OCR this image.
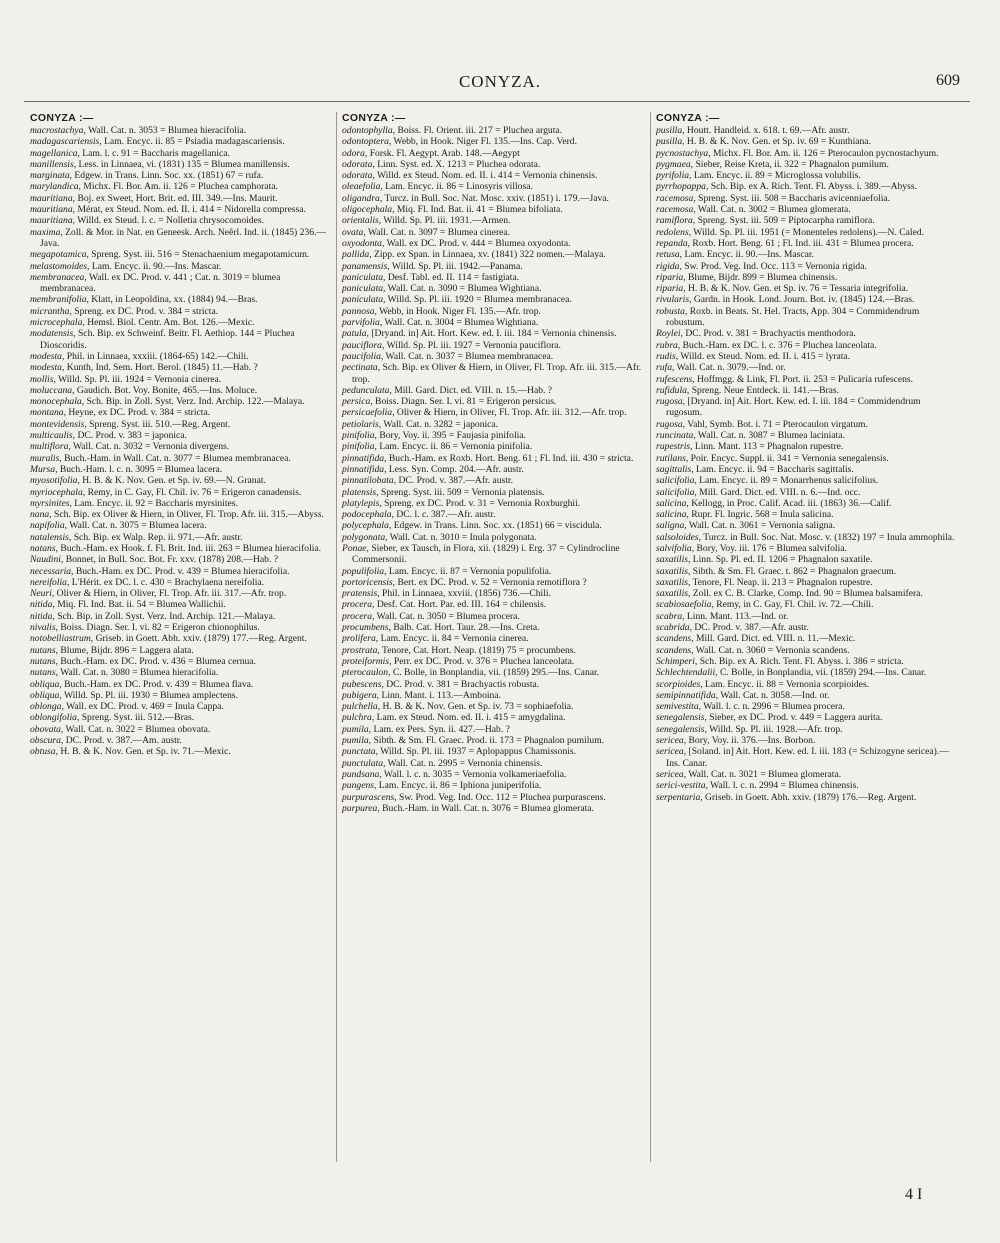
CONYZA.	609
CONYZA :—

macrostachya, Wall. Cat. n. 3053 = Blumea hieracifolia.

madagascariensis, Lam. Encyc. ii. 85 = Psiadia madagascariensis.

magellanica, Lam. l. c. 91 = Baccharis magellanica.

manillensis, Less. in Linnaea, vi. (1831) 135 = Blumea manillensis.

marginata, Edgew. in Trans. Linn. Soc. xx. (1851) 67 = rufa.

marylandica, Michx. Fl. Bor. Am. ii. 126 = Pluchea camphorata.

mauritiana, Boj. ex Sweet, Hort. Brit. ed. III. 349.—Ins. Maurit.

mauritiana, Mérat, ex Steud. Nom. ed. II. i. 414 = Nidorella compressa.

mauritiana, Willd. ex Steud. l. c. = Nolletia chrysocomoides.

maxima, Zoll. & Mor. in Nat. en Geneesk. Arch. Neêrl. Ind. ii. (1845) 236.—Java.

megapotamica, Spreng. Syst. iii. 516 = Stenachaenium megapotamicum.

melastomoides, Lam. Encyc. ii. 90.—Ins. Mascar.

membranacea, Wall. ex DC. Prod. v. 441 ; Cat. n. 3019 = blumea membranacea.

membranifolia, Klatt, in Leopoldina, xx. (1884) 94.—Bras.

micrantha, Spreng. ex DC. Prod. v. 384 = stricta.

microcephala, Hemsl. Biol. Centr. Am. Bot. 126.—Mexic.

modatensis, Sch. Bip. ex Schweinf. Beitr. Fl. Aethiop. 144 = Pluchea Dioscoridis.

modesta, Phil. in Linnaea, xxxiii. (1864-65) 142.—Chili.

modesta, Kunth, Ind. Sem. Hort. Berol. (1845) 11.—Hab. ?

mollis, Willd. Sp. Pl. iii. 1924 = Vernonia cinerea.

moluccana, Gaudich. Bot. Voy. Bonite, 465.—Ins. Moluce.

monocephala, Sch. Bip. in Zoll. Syst. Verz. Ind. Archip. 122.—Malaya.

montana, Heyne, ex DC. Prod. v. 384 = stricta.

montevidensis, Spreng. Syst. iii. 510.—Reg. Argent.

multicaulis, DC. Prod. v. 383 = japonica.

multiflora, Wall. Cat. n. 3032 = Vernonia divergens.

muralis, Buch.-Ham. in Wall. Cat. n. 3077 = Blumea membranacea.

Mursa, Buch.-Ham. l. c. n. 3095 = Blumea lacera.

myosotifolia, H. B. & K. Nov. Gen. et Sp. iv. 69.—N. Granat.

myriocephala, Remy, in C. Gay, Fl. Chil. iv. 76 = Erigeron canadensis.

myrsinites, Lam. Encyc. ii. 92 = Baccharis myrsinites.

nana, Sch. Bip. ex Oliver & Hiern, in Oliver, Fl. Trop. Afr. iii. 315.—Abyss.

napifolia, Wall. Cat. n. 3075 = Blumea lacera.

natalensis, Sch. Bip. ex Walp. Rep. ii. 971.—Afr. austr.

natans, Buch.-Ham. ex Hook. f. Fl. Brit. Ind. iii. 263 = Blumea hieracifolia.

Naudini, Bonnet, in Bull. Soc. Bot. Fr. xxv. (1878) 208.—Hab. ?

necessaria, Buch.-Ham. ex DC. Prod. v. 439 = Blumea hieracifolia.

nereifolia, L'Hérit. ex DC. l. c. 430 = Brachylaena nereifolia.

Neuri, Oliver & Hiern, in Oliver, Fl. Trop. Afr. iii. 317.—Afr. trop.

nitida, Miq. Fl. Ind. Bat. ii. 54 = Blumea Wallichii.

nitida, Sch. Bip. in Zoll. Syst. Verz. Ind. Archip. 121.—Malaya.

nivalis, Boiss. Diagn. Ser. I. vi. 82 = Erigeron chionophilus.

notobelliastrum, Griseb. in Goett. Abh. xxiv. (1879) 177.—Reg. Argent.

nutans, Blume, Bijdr. 896 = Laggera alata.

nutans, Buch.-Ham. ex DC. Prod. v. 436 = Blumea cernua.

nutans, Wall. Cat. n. 3080 = Blumea hieracifolia.

obliqua, Buch.-Ham. ex DC. Prod. v. 439 = Blumea flava.

obliqua, Willd. Sp. Pl. iii. 1930 = Blumea amplectens.

oblonga, Wall. ex DC. Prod. v. 469 = Inula Cappa.

oblongifolia, Spreng. Syst. iii. 512.—Bras.

obovata, Wall. Cat. n. 3022 = Blumea obovata.

obscura, DC. Prod. v. 387.—Am. austr.

obtusa, H. B. & K. Nov. Gen. et Sp. iv. 71.—Mexic.

CONYZA :—

odontophylla, Boiss. Fl. Orient. iii. 217 = Pluchea arguta.

odontoptera, Webb, in Hook. Niger Fl. 135.—Ins. Cap. Verd.

odora, Forsk. Fl. Aegypt. Arab. 148.—Aegypt

odorata, Linn. Syst. ed. X. 1213 = Pluchea odorata.

odorata, Willd. ex Steud. Nom. ed. II. i. 414 = Vernonia chinensis.

oleaefolia, Lam. Encyc. ii. 86 = Linosyris villosa.

oligandra, Turcz. in Bull. Soc. Nat. Mosc. xxiv. (1851) i. 179.—Java.

oligocephala, Miq. Fl. Ind. Bat. ii. 41 = Blumea bifoliata.

orientalis, Willd. Sp. Pl. iii. 1931.—Armen.

ovata, Wall. Cat. n. 3097 = Blumea cinerea.

oxyodonta, Wall. ex DC. Prod. v. 444 = Blumea oxyodonta.

pallida, Zipp. ex Span. in Linnaea, xv. (1841) 322 nomen.—Malaya.

panamensis, Willd. Sp. Pl. iii. 1942.—Panama.

paniculata, Desf. Tabl. ed. II. 114 = fastigiata.

paniculata, Wall. Cat. n. 3090 = Blumea Wightiana.

paniculata, Willd. Sp. Pl. iii. 1920 = Blumea membranacea.

pannosa, Webb, in Hook. Niger Fl. 135.—Afr. trop.

parvifolia, Wall. Cat. n. 3004 = Blumea Wightiana.

patula, [Dryand. in] Ait. Hort. Kew. ed. I. iii. 184 = Vernonia chinensis.

pauciflora, Willd. Sp. Pl. iii. 1927 = Vernonia pauciflora.

paucifolia, Wall. Cat. n. 3037 = Blumea membranacea.

pectinata, Sch. Bip. ex Oliver & Hiern, in Oliver, Fl. Trop. Afr. iii. 315.—Afr. trop.

pedunculata, Mill. Gard. Dict. ed. VIII. n. 15.—Hab. ?

persica, Boiss. Diagn. Ser. I. vi. 81 = Erigeron persicus.

persicaefolia, Oliver & Hiern, in Oliver, Fl. Trop. Afr. iii. 312.—Afr. trop.

petiolaris, Wall. Cat. n. 3282 = japonica.

pinifolia, Bory, Voy. ii. 395 = Faujasia pinifolia.

pinifolia, Lam. Encyc. ii. 86 = Vernonia pinifolia.

pinnatifida, Buch.-Ham. ex Roxb. Hort. Beng. 61 ; Fl. Ind. iii. 430 = stricta.

pinnatifida, Less. Syn. Comp. 204.—Afr. austr.

pinnatilobata, DC. Prod. v. 387.—Afr. austr.

platensis, Spreng. Syst. iii. 509 = Vernonia platensis.

platylepis, Spreng. ex DC. Prod. v. 31 = Vernonia Roxburghii.

podocephala, DC. l. c. 387.—Afr. austr.

polycephala, Edgew. in Trans. Linn. Soc. xx. (1851) 66 = viscidula.

polygonata, Wall. Cat. n. 3010 = Inula polygonata.

Ponae, Sieber, ex Tausch, in Flora, xii. (1829) i. Erg. 37 = Cylindrocline Commersonii.

populifolia, Lam. Encyc. ii. 87 = Vernonia populifolia.

portoricensis, Bert. ex DC. Prod. v. 52 = Vernonia remotiflora ?

pratensis, Phil. in Linnaea, xxviii. (1856) 736.—Chili.

procera, Desf. Cat. Hort. Par. ed. III. 164 = chilensis.

procera, Wall. Cat. n. 3050 = Blumea procera.

procumbens, Balb. Cat. Hort. Taur. 28.—Ins. Creta.

prolifera, Lam. Encyc. ii. 84 = Vernonia cinerea.

prostrata, Tenore, Cat. Hort. Neap. (1819) 75 = procumbens.

proteiformis, Perr. ex DC. Prod. v. 376 = Pluchea lanceolata.

pterocaulon, C. Bolle, in Bonplandia, vii. (1859) 295.—Ins. Canar.

pubescens, DC. Prod. v. 381 = Brachyactis robusta.

pubigera, Linn. Mant. i. 113.—Amboina.

pulchella, H. B. & K. Nov. Gen. et Sp. iv. 73 = sophiaefolia.

pulchra, Lam. ex Steud. Nom. ed. II. i. 415 = amygdalina.

pumila, Lam. ex Pers. Syn. ii. 427.—Hab. ?

pumila, Sibth. & Sm. Fl. Graec. Prod. ii. 173 = Phagnalon pumilum.

punctata, Willd. Sp. Pl. iii. 1937 = Aplopappus Chamissonis.

punctulata, Wall. Cat. n. 2995 = Vernonia chinensis.

pundsana, Wall. l. c. n. 3035 = Vernonia volkameriaefolia.

pungens, Lam. Encyc. ii. 86 = Iphiona juniperifolia.

purpurascens, Sw. Prod. Veg. Ind. Occ. 112 = Pluchea purpurascens.

purpurea, Buch.-Ham. in Wall. Cat. n. 3076 = Blumea glomerata.

CONYZA :—

pusilla, Houtt. Handleid. x. 618. t. 69.—Afr. austr.

pusilla, H. B. & K. Nov. Gen. et Sp. iv. 69 = Kunthiana.

pycnostachya, Michx. Fl. Bor. Am. ii. 126 = Pterocaulon pycnostachyum.

pygmaea, Sieber, Reise Kreta, ii. 322 = Phagnalon pumilum.

pyrifolia, Lam. Encyc. ii. 89 = Microglossa volubilis.

pyrrhopappa, Sch. Bip. ex A. Rich. Tent. Fl. Abyss. i. 389.—Abyss.

racemosa, Spreng. Syst. iii. 508 = Baccharis avicenniaefolia.

racemosa, Wall. Cat. n. 3002 = Blumea glomerata.

ramiflora, Spreng. Syst. iii. 509 = Piptocarpha ramiflora.

redolens, Willd. Sp. Pl. iii. 1951 (= Monenteles redolens).—N. Caled.

repanda, Roxb. Hort. Beng. 61 ; Fl. Ind. iii. 431 = Blumea procera.

retusa, Lam. Encyc. ii. 90.—Ins. Mascar.

rigida, Sw. Prod. Veg. Ind. Occ. 113 = Vernonia rigida.

riparia, Blume, Bijdr. 899 = Blumea chinensis.

riparia, H. B. & K. Nov. Gen. et Sp. iv. 76 = Tessaria integrifolia.

rivularis, Gardn. in Hook. Lond. Journ. Bot. iv. (1845) 124.—Bras.

robusta, Roxb. in Beats. St. Hel. Tracts, App. 304 = Commidendrum robustum.

Roylei, DC. Prod. v. 381 = Brachyactis menthodora.

rubra, Buch.-Ham. ex DC. l. c. 376 = Pluchea lanceolata.

rudis, Willd. ex Steud. Nom. ed. II. i. 415 = lyrata.

rufa, Wall. Cat. n. 3079.—Ind. or.

rufescens, Hoffmgg. & Link, Fl. Port. ii. 253 = Pulicaria rufescens.

rufidula, Spreng. Neue Entdeck. ii. 141.—Bras.

rugosa, [Dryand. in] Ait. Hort. Kew. ed. I. iii. 184 = Commidendrum rugosum.

rugosa, Vahl, Symb. Bot. i. 71 = Pterocaulon virgatum.

runcinata, Wall. Cat. n. 3087 = Blumea laciniata.

rupestris, Linn. Mant. 113 = Phagnalon rupestre.

rutilans, Poir. Encyc. Suppl. ii. 341 = Vernonia senegalensis.

sagittalis, Lam. Encyc. ii. 94 = Baccharis sagittalis.

salicifolia, Lam. Encyc. ii. 89 = Monarrhenus salicifolius.

salicifolia, Mill. Gard. Dict. ed. VIII. n. 6.—Ind. occ.

salicina, Kellogg, in Proc. Calif. Acad. iii. (1863) 36.—Calif.

salicina, Rupr. Fl. Ingric. 568 = Inula salicina.

saligna, Wall. Cat. n. 3061 = Vernonia saligna.

salsoloides, Turcz. in Bull. Soc. Nat. Mosc. v. (1832) 197 = Inula ammophila.

salvifolia, Bory, Voy. iii. 176 = Blumea salvifolia.

saxatilis, Linn. Sp. Pl. ed. II. 1206 = Phagnalon saxatile.

saxatilis, Sibth. & Sm. Fl. Graec. t. 862 = Phagnalon graecum.

saxatilis, Tenore, Fl. Neap. ii. 213 = Phagnalon rupestre.

saxatilis, Zoll. ex C. B. Clarke, Comp. Ind. 90 = Blumea balsamifera.

scabiosaefolia, Remy, in C. Gay, Fl. Chil. iv. 72.—Chili.

scabra, Linn. Mant. 113.—Ind. or.

scabrida, DC. Prod. v. 387.—Afr. austr.

scandens, Mill. Gard. Dict. ed. VIII. n. 11.—Mexic.

scandens, Wall. Cat. n. 3060 = Vernonia scandens.

Schimperi, Sch. Bip. ex A. Rich. Tent. Fl. Abyss. i. 386 = stricta.

Schlechtendalii, C. Bolle, in Bonplandia, vii. (1859) 294.—Ins. Canar.

scorpioides, Lam. Encyc. ii. 88 = Vernonia scorpioides.

semipinnatifida, Wall. Cat. n. 3058.—Ind. or.

semivestita, Wall. l. c. n. 2996 = Blumea procera.

senegalensis, Sieber, ex DC. Prod. v. 449 = Laggera aurita.

senegalensis, Willd. Sp. Pl. iii. 1928.—Afr. trop.

sericea, Bory, Voy. ii. 376.—Ins. Borbon.

sericea, [Soland. in] Ait. Hort. Kew. ed. I. iii. 183 (= Schizogyne sericea).—Ins. Canar.

sericea, Wall. Cat. n. 3021 = Blumea glomerata.

serici-vestita, Wall. l. c. n. 2994 = Blumea chinensis.

serpentaria, Griseb. in Goett. Abh. xxiv. (1879) 176.—Reg. Argent.

4 I
